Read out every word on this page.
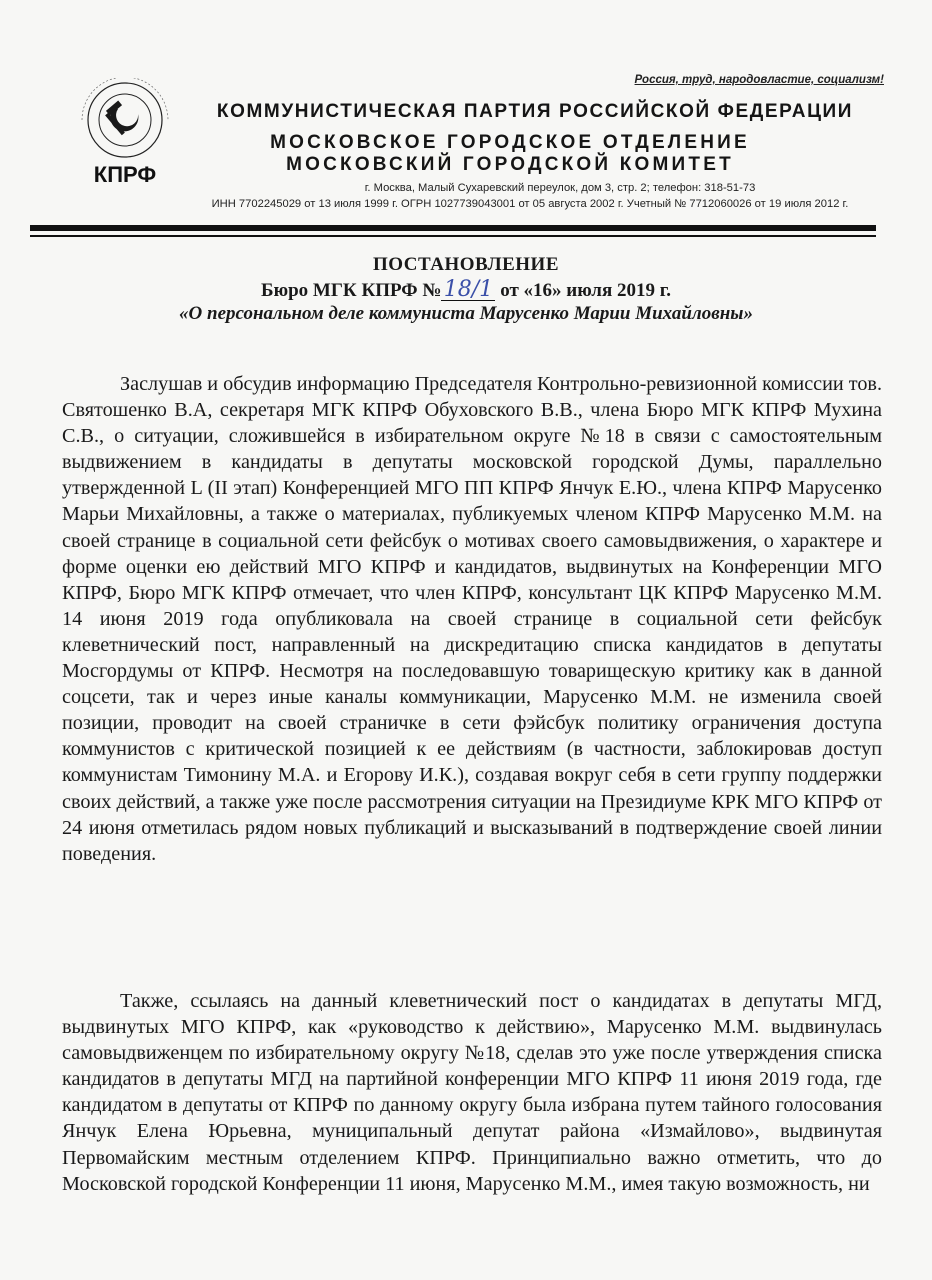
Россия, труд, народовластие, социализм!
КПРФ
КОММУНИСТИЧЕСКАЯ ПАРТИЯ РОССИЙСКОЙ ФЕДЕРАЦИИ
МОСКОВСКОЕ ГОРОДСКОЕ ОТДЕЛЕНИЕ
МОСКОВСКИЙ ГОРОДСКОЙ КОМИТЕТ
г. Москва, Малый Сухаревский переулок, дом 3, стр. 2; телефон: 318-51-73
ИНН 7702245029 от 13 июля 1999 г. ОГРН 1027739043001 от 05 августа 2002 г. Учетный № 7712060026 от 19 июля 2012 г.
ПОСТАНОВЛЕНИЕ
Бюро МГК КПРФ № 18/1 от «16» июля 2019 г.
«О персональном деле коммуниста Марусенко Марии Михайловны»

Заслушав и обсудив информацию Председателя Контрольно-ревизионной комиссии тов. Святошенко В.А, секретаря МГК КПРФ Обуховского В.В., члена Бюро МГК КПРФ Мухина С.В., о ситуации, сложившейся в избирательном округе №18 в связи с самостоятельным выдвижением в кандидаты в депутаты московской городской Думы, параллельно утвержденной L (II этап) Конференцией МГО ПП КПРФ Янчук Е.Ю., члена КПРФ Марусенко Марьи Михайловны, а также о материалах, публикуемых членом КПРФ Марусенко М.М. на своей странице в социальной сети фейсбук о мотивах своего самовыдвижения, о характере и форме оценки ею действий МГО КПРФ и кандидатов, выдвинутых на Конференции МГО КПРФ, Бюро МГК КПРФ отмечает, что член КПРФ, консультант ЦК КПРФ Марусенко М.М. 14 июня 2019 года опубликовала на своей странице в социальной сети фейсбук клеветнический пост, направленный на дискредитацию списка кандидатов в депутаты Мосгордумы от КПРФ. Несмотря на последовавшую товарищескую критику как в данной соцсети, так и через иные каналы коммуникации, Марусенко М.М. не изменила своей позиции, проводит на своей страничке в сети фэйсбук политику ограничения доступа коммунистов с критической позицией к ее действиям (в частности, заблокировав доступ коммунистам Тимонину М.А. и Егорову И.К.), создавая вокруг себя в сети группу поддержки своих действий, а также уже после рассмотрения ситуации на Президиуме КРК МГО КПРФ от 24 июня отметилась рядом новых публикаций и высказываний в подтверждение своей линии поведения.

Также, ссылаясь на данный клеветнический пост о кандидатах в депутаты МГД, выдвинутых МГО КПРФ, как «руководство к действию», Марусенко М.М. выдвинулась самовыдвиженцем по избирательному округу №18, сделав это уже после утверждения списка кандидатов в депутаты МГД на партийной конференции МГО КПРФ 11 июня 2019 года, где кандидатом в депутаты от КПРФ по данному округу была избрана путем тайного голосования Янчук Елена Юрьевна, муниципальный депутат района «Измайлово», выдвинутая Первомайским местным отделением КПРФ. Принципиально важно отметить, что до Московской городской Конференции 11 июня, Марусенко М.М., имея такую возможность, ни
